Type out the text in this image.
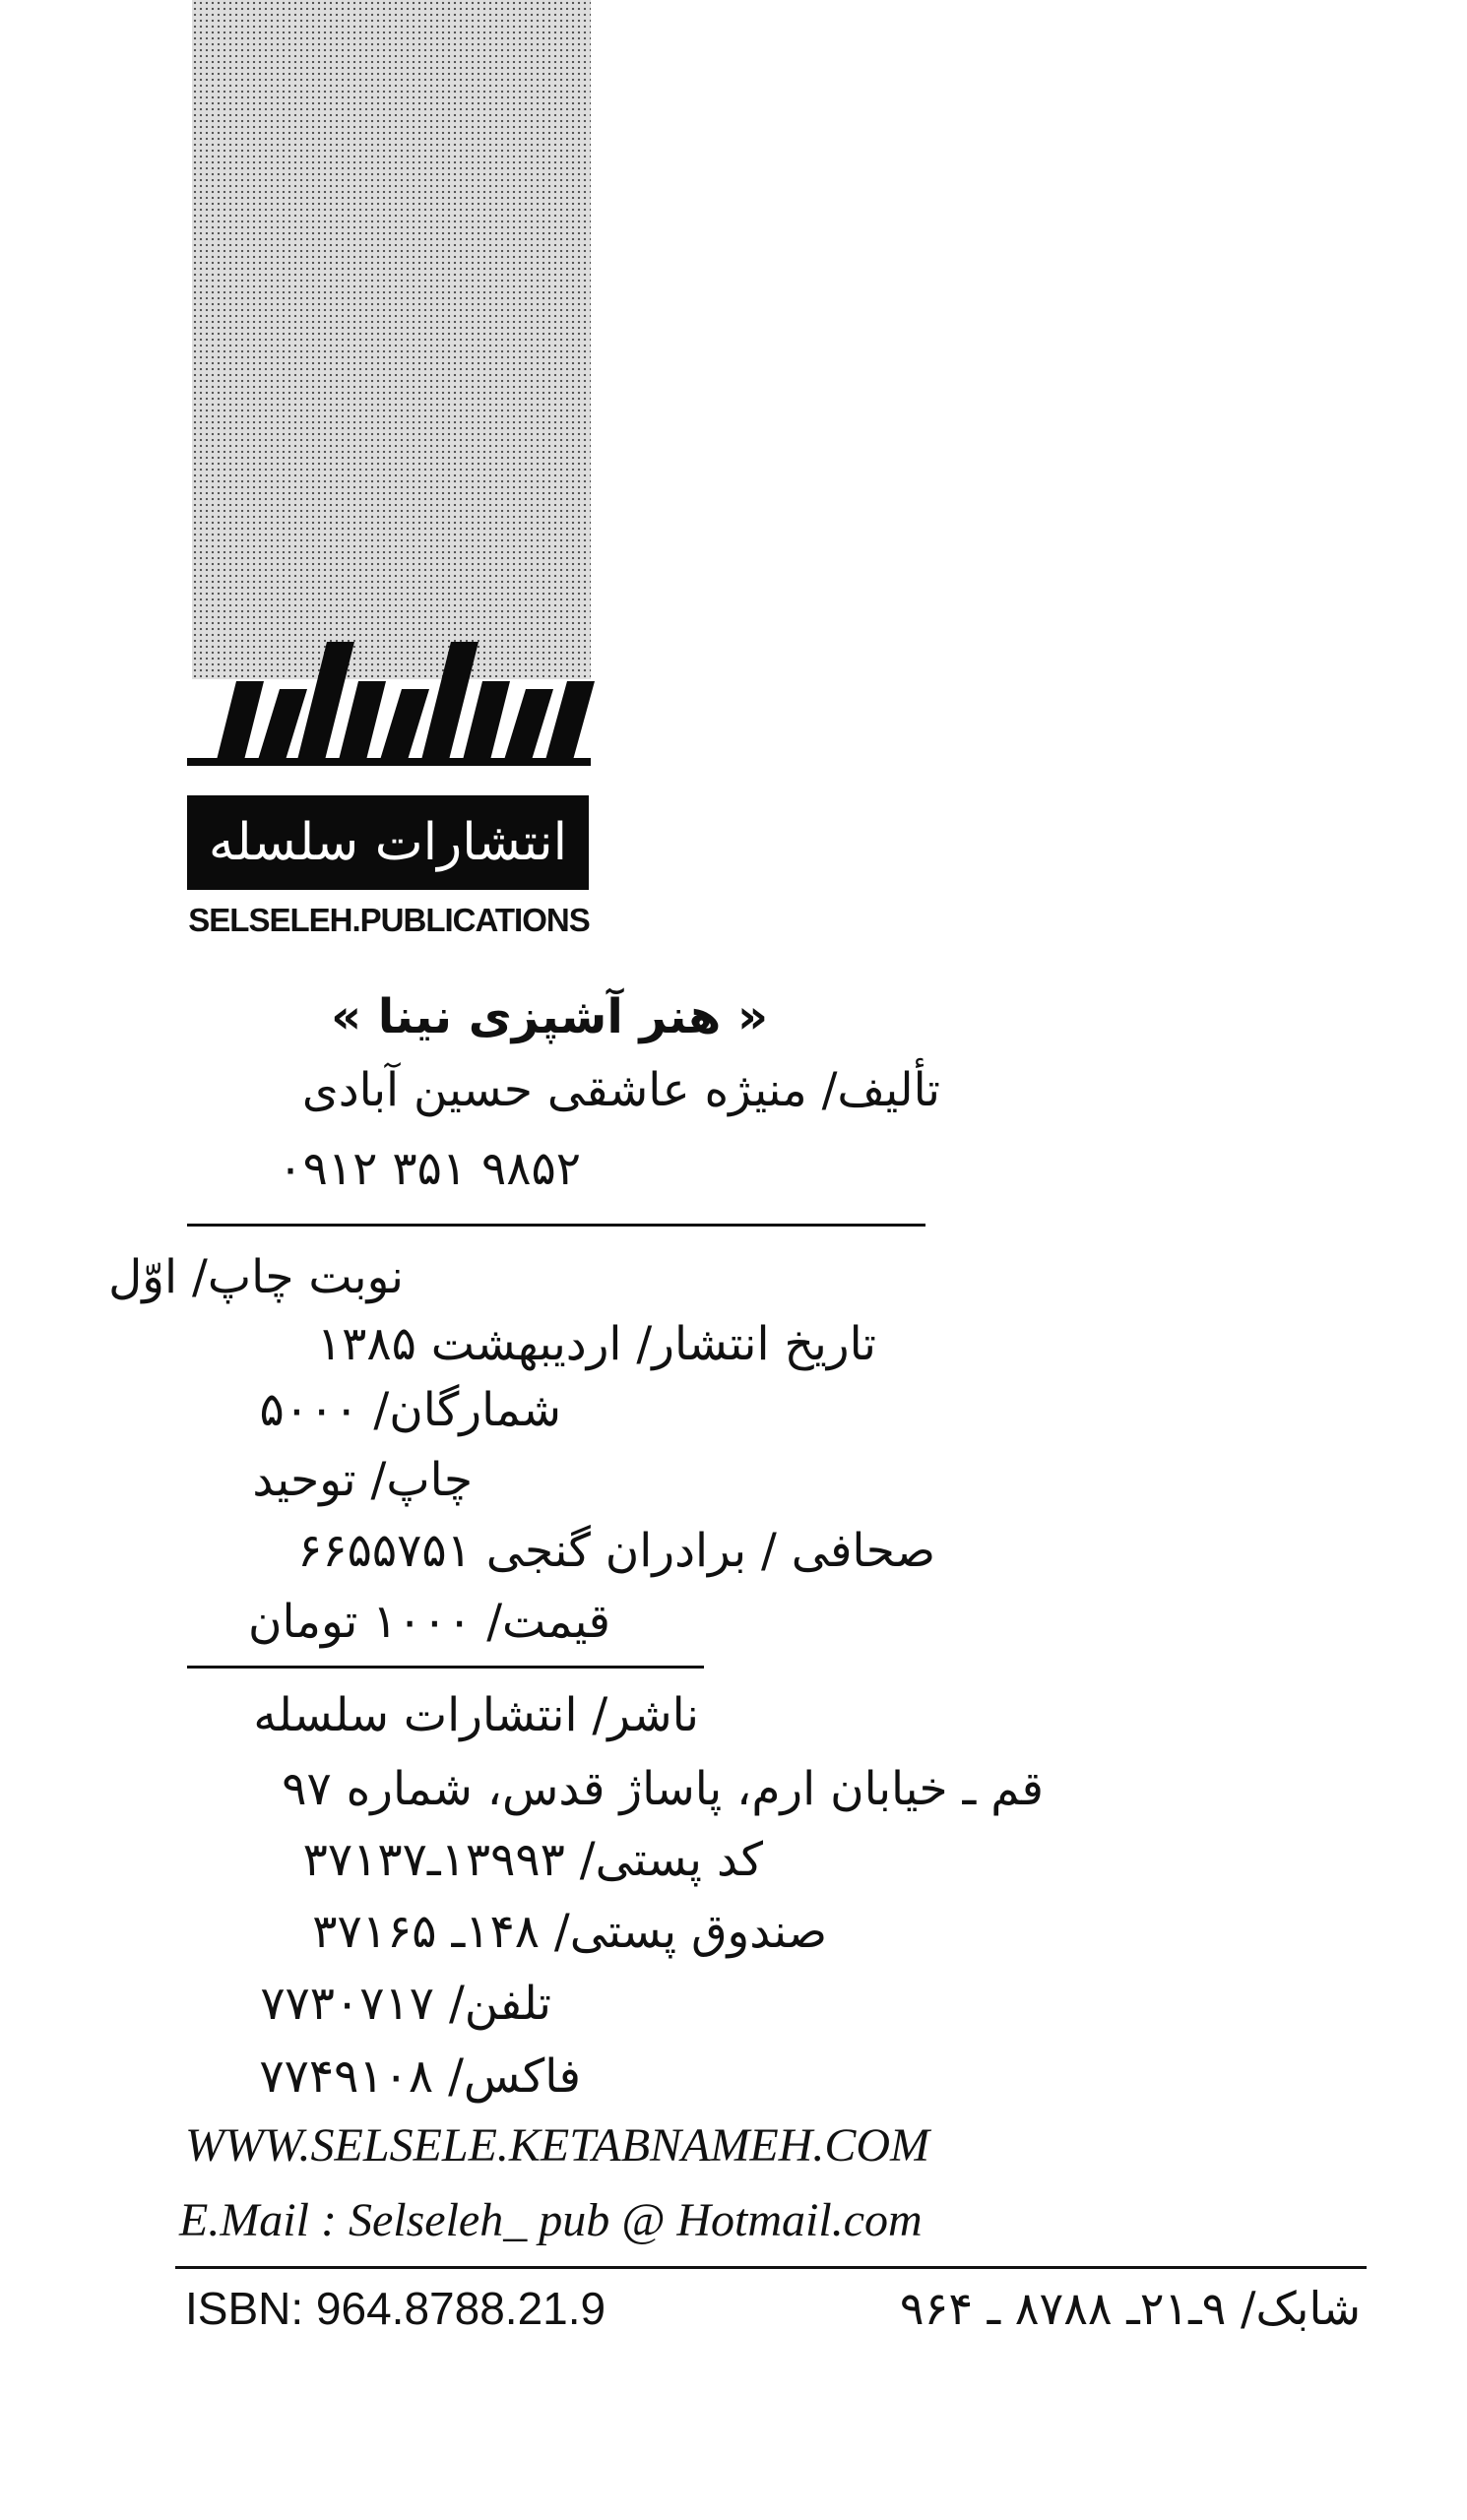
انتشارات سلسله
SELSELEH.PUBLICATIONS
« هنر آشپزی نینا »
تألیف/ منیژه عاشقی حسین آبادی
۰۹۱۲ ۳۵۱ ۹۸۵۲
نوبت چاپ/ اوّل
تاریخ انتشار/ اردیبهشت ۱۳۸۵
شمارگان/ ۵۰۰۰
چاپ/ توحید
صحافی / برادران گنجی ۶۶۵۵۷۵۱
قیمت/ ۱۰۰۰ تومان
ناشر/ انتشارات سلسله
قم ـ خیابان ارم، پاساژ قدس، شماره ۹۷
کد پستی/ ۱۳۹۹۳ـ۳۷۱۳۷
صندوق پستی/ ۱۴۸ـ ۳۷۱۶۵
تلفن/ ۷۷۳۰۷۱۷
فاکس/ ۷۷۴۹۱۰۸
WWW.SELSELE.KETABNAMEH.COM
E.Mail : Selseleh_ pub @ Hotmail.com
ISBN: 964.8788.21.9	شابک/ ۹ـ۲۱ـ ۸۷۸۸ ـ ۹۶۴
